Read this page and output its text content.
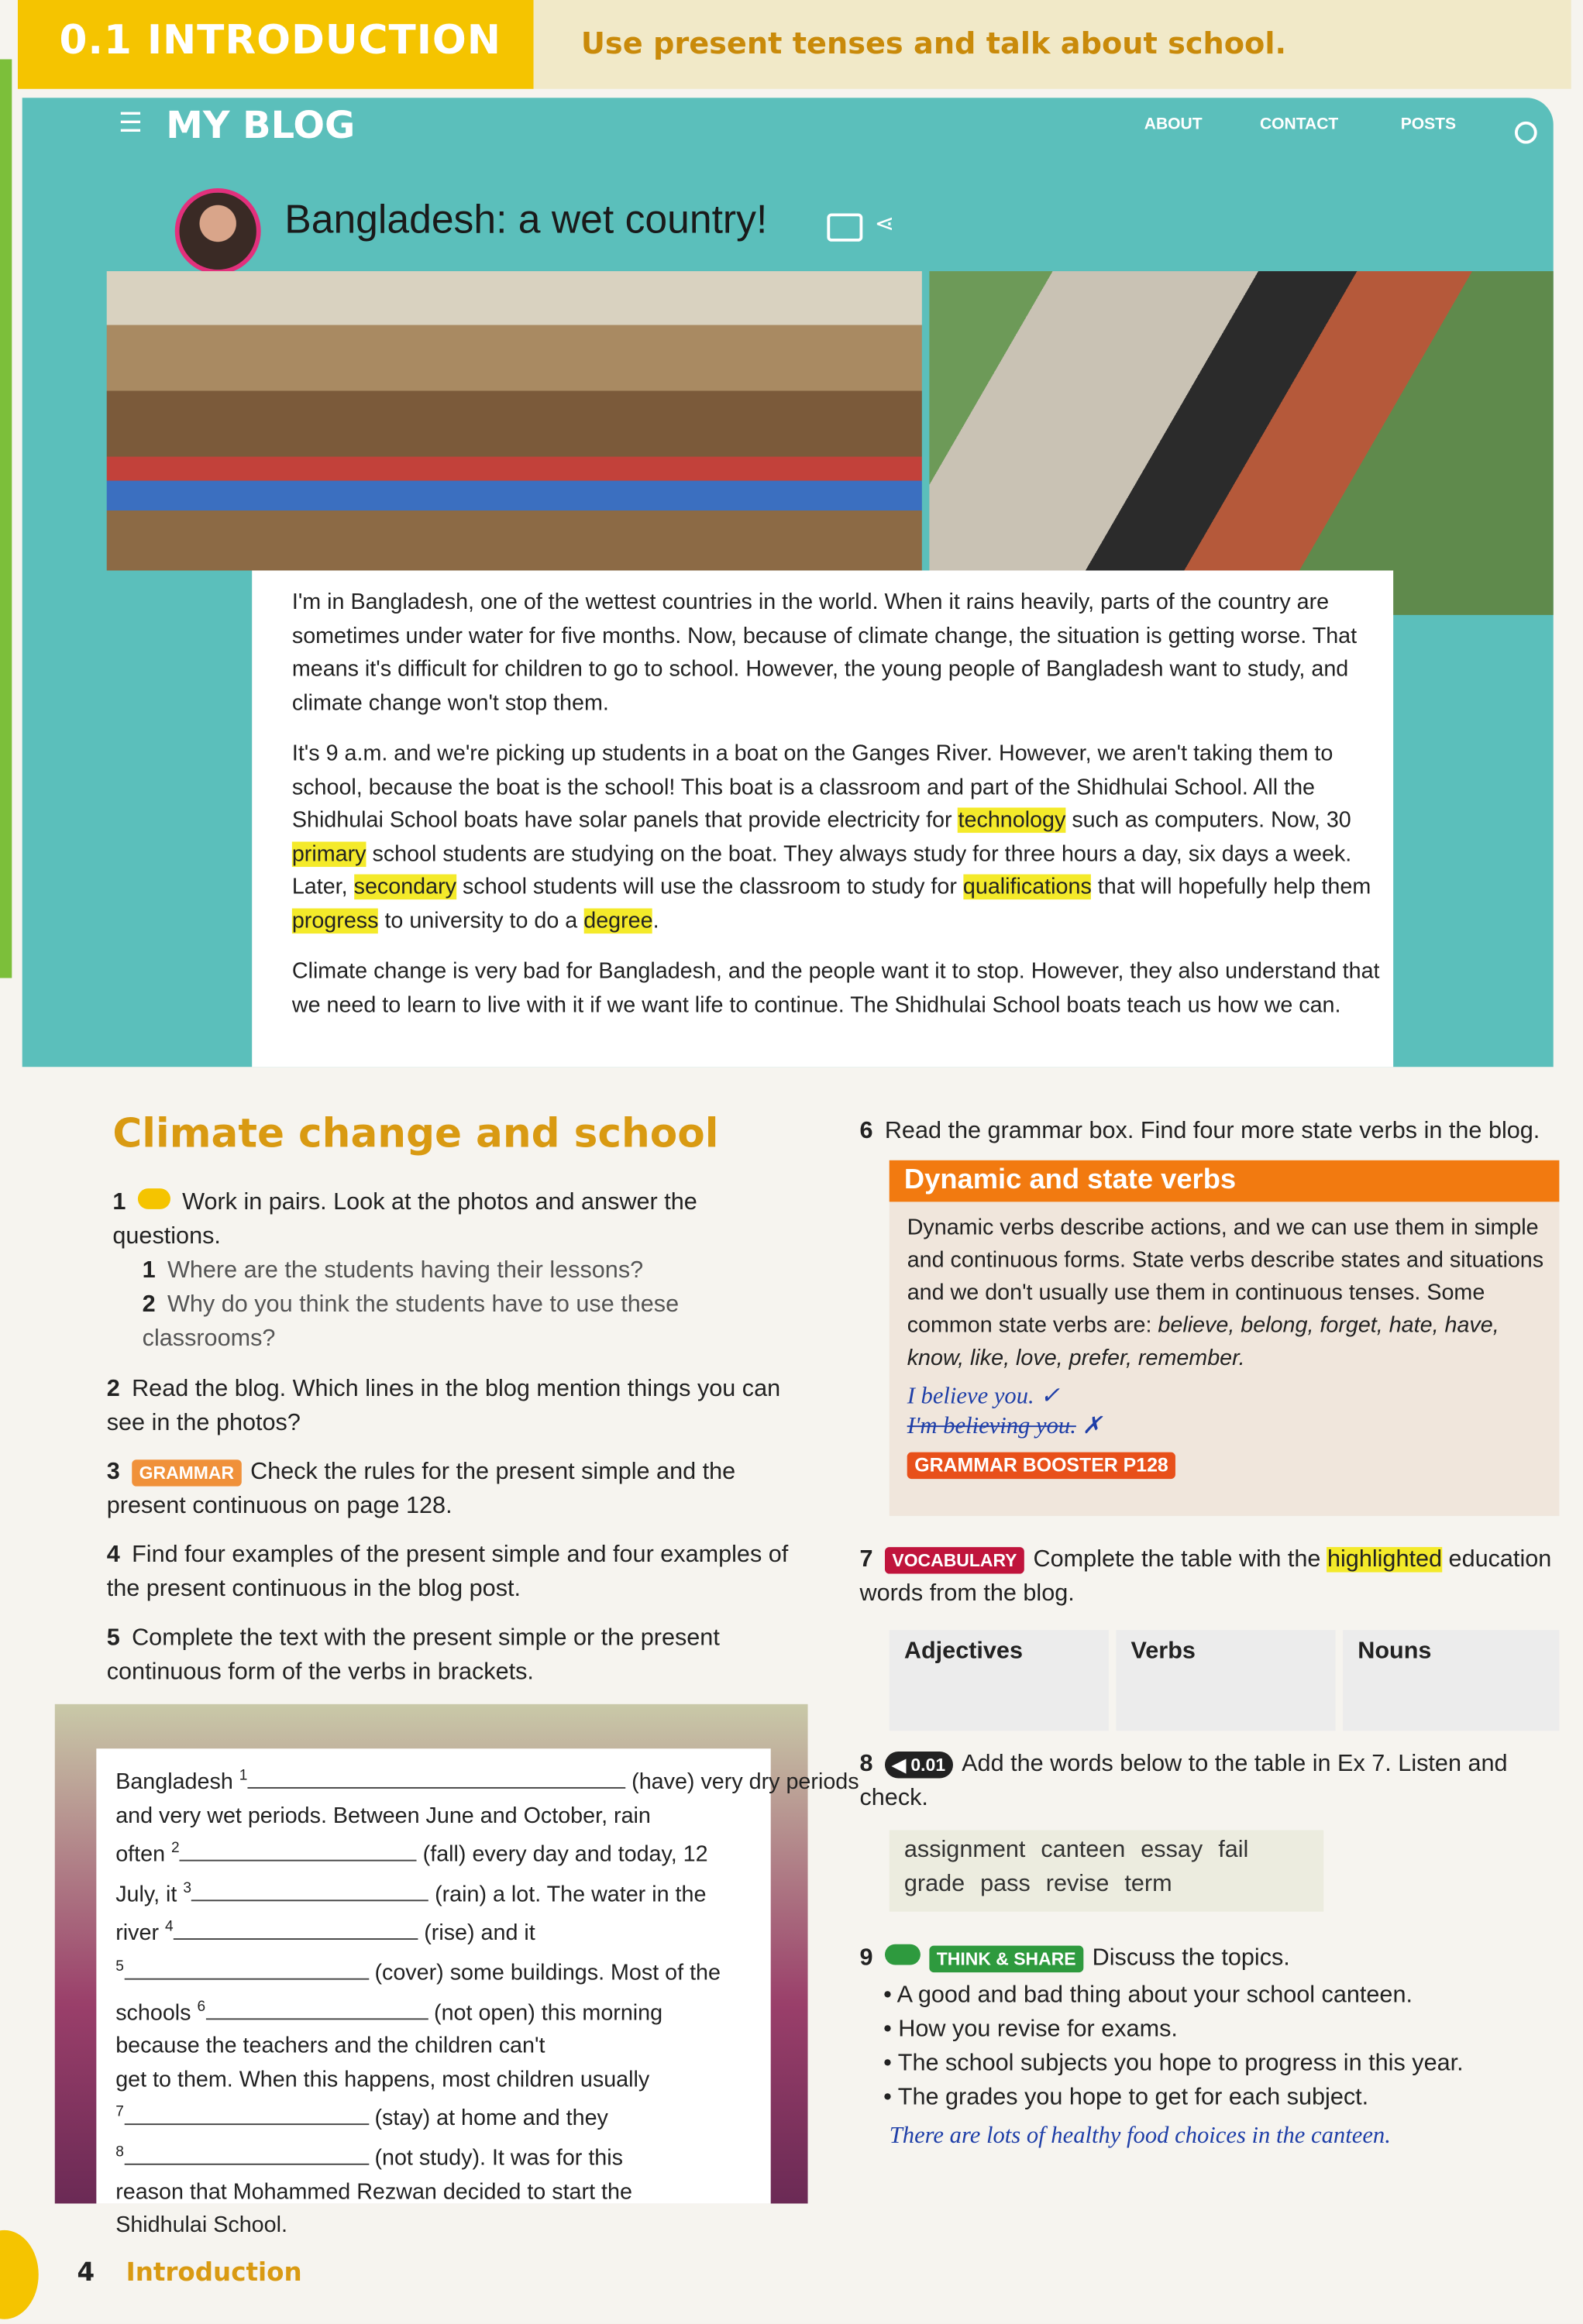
0.1 INTRODUCTION	Use present tenses and talk about school.
☰ MY BLOG	ABOUT	CONTACT	POSTS
Bangladesh: a wet country!	⋖

I'm in Bangladesh, one of the wettest countries in the world. When it rains heavily, parts of the country are sometimes under water for five months. Now, because of climate change, the situation is getting worse. That means it's difficult for children to go to school. However, the young people of Bangladesh want to study, and climate change won't stop them.

It's 9 a.m. and we're picking up students in a boat on the Ganges River. However, we aren't taking them to school, because the boat is the school! This boat is a classroom and part of the Shidhulai School. All the Shidhulai School boats have solar panels that provide electricity for technology such as computers. Now, 30 primary school students are studying on the boat. They always study for three hours a day, six days a week. Later, secondary school students will use the classroom to study for qualifications that will hopefully help them progress to university to do a degree.

Climate change is very bad for Bangladesh, and the people want it to stop. However, they also understand that we need to learn to live with it if we want life to continue. The Shidhulai School boats teach us how we can.

Climate change and school
1	Work in pairs. Look at the photos and answer the questions.
1 Where are the students having their lessons?
2 Why do you think the students have to use these classrooms?
2 Read the blog. Which lines in the blog mention things you can see in the photos?
3 GRAMMAR Check the rules for the present simple and the present continuous on page 128.
4 Find four examples of the present simple and four examples of the present continuous in the blog post.
5 Complete the text with the present simple or the present continuous form of the verbs in brackets.
Bangladesh $^1$	(have) very dry periods
and very wet periods. Between June and October, rain
often $^2$	(fall) every day and today, 12
July, it $^3$	(rain) a lot. The water in the
river $^4$	(rise) and it
$^5$	(cover) some buildings. Most of the
schools $^6$	(not open) this morning
because the teachers and the children can't
get to them. When this happens, most children usually
$^7$	(stay) at home and they
$^8$	(not study). It was for this
reason that Mohammed Rezwan decided to start the
Shidhulai School.
6 Read the grammar box. Find four more state verbs in the blog.
Dynamic and state verbs
Dynamic verbs describe actions, and we can use them in simple and continuous forms. State verbs describe states and situations and we don't usually use them in continuous tenses. Some common state verbs are: believe, belong, forget, hate, have, know, like, love, prefer, remember.
I believe you. ✓
I'm believing you. ✗
GRAMMAR BOOSTER P128
7 VOCABULARY Complete the table with the highlighted education words from the blog.
Adjectives	Verbs	Nouns
8 ◀ 0.01 Add the words below to the table in Ex 7. Listen and check.
assignment canteen essay fail
grade pass revise term
9	THINK & SHARE Discuss the topics.
• A good and bad thing about your school canteen.
• How you revise for exams.
• The school subjects you hope to progress in this year.
• The grades you hope to get for each subject.
There are lots of healthy food choices in the canteen.
4 Introduction
